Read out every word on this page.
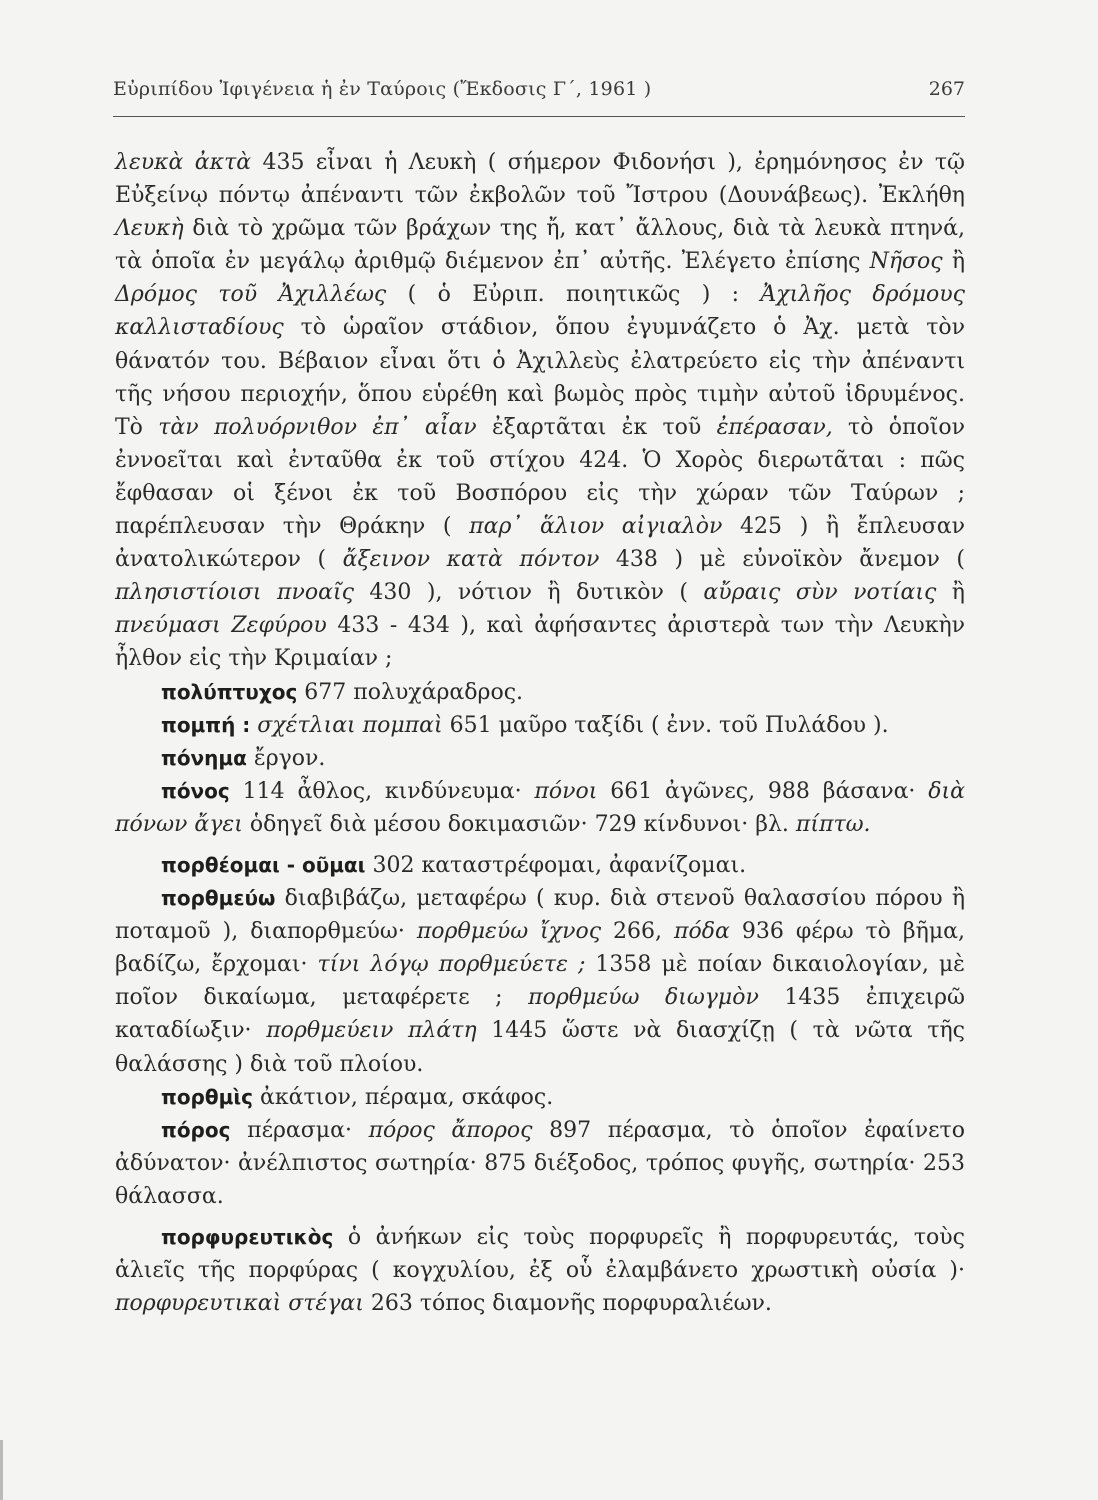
Εὐριπίδου Ἰφιγένεια ἡ ἐν Ταύροις (Ἔκδοσις Γ΄, 1961 )	267

λευκὰ ἀκτὰ 435 εἶναι ἡ Λευκὴ ( σήμερον Φιδονήσι ), ἐρημόνησος ἐν τῷ Εὐξείνῳ πόντῳ ἀπέναντι τῶν ἐκβολῶν τοῦ Ἴστρου (Δουνάβεως). Ἐκλήθη Λευκὴ διὰ τὸ χρῶμα τῶν βράχων της ἤ, κατ᾽ ἄλλους, διὰ τὰ λευκὰ πτηνά, τὰ ὁποῖα ἐν μεγάλῳ ἀριθμῷ διέμενον ἐπ᾽ αὐτῆς. Ἐλέγετο ἐπίσης Νῆσος ἢ Δρόμος τοῦ Ἀχιλλέως ( ὁ Εὐριπ. ποιητικῶς ) : Ἀχιλῆος δρόμους καλλισταδίους τὸ ὡραῖον στάδιον, ὅπου ἐγυμνάζετο ὁ Ἀχ. μετὰ τὸν θάνατόν του. Βέβαιον εἶναι ὅτι ὁ Ἀχιλλεὺς ἐλατρεύετο εἰς τὴν ἀπέναντι τῆς νήσου περιοχήν, ὅπου εὑρέθη καὶ βωμὸς πρὸς τιμὴν αὐτοῦ ἱδρυμένος. Τὸ τὰν πολυόρνιθον ἐπ᾽ αἶαν ἐξαρτᾶται ἐκ τοῦ ἐπέρασαν, τὸ ὁποῖον ἐννοεῖται καὶ ἐνταῦθα ἐκ τοῦ στίχου 424. Ὁ Χορὸς διερωτᾶται : πῶς ἔφθασαν οἱ ξένοι ἐκ τοῦ Βοσπόρου εἰς τὴν χώραν τῶν Ταύρων ; παρέπλευσαν τὴν Θράκην ( παρ᾽ ἅλιον αἰγιαλὸν 425 ) ἢ ἔπλευσαν ἀνατολικώτερον ( ἄξεινον κατὰ πόντον 438 ) μὲ εὐνοϊκὸν ἄνεμον ( πλησιστίοισι πνοαῖς 430 ), νότιον ἢ δυτικὸν ( αὔραις σὺν νοτίαις ἢ πνεύμασι Ζεφύρου 433 - 434 ), καὶ ἀφήσαντες ἀριστερὰ των τὴν Λευκὴν ἦλθον εἰς τὴν Κριμαίαν ;

πολύπτυχος 677 πολυχάραδρος.

πομπή : σχέτλιαι πομπαὶ 651 μαῦρο ταξίδι ( ἐνν. τοῦ Πυλάδου ).

πόνημα ἔργον.

πόνος 114 ἆθλος, κινδύνευμα· πόνοι 661 ἀγῶνες, 988 βάσανα· διὰ πόνων ἄγει ὁδηγεῖ διὰ μέσου δοκιμασιῶν· 729 κίνδυνοι· βλ. πίπτω.

πορθέομαι - οῦμαι 302 καταστρέφομαι, ἀφανίζομαι.

πορθμεύω διαβιβάζω, μεταφέρω ( κυρ. διὰ στενοῦ θαλασσίου πόρου ἢ ποταμοῦ ), διαπορθμεύω· πορθμεύω ἴχνος 266, πόδα 936 φέρω τὸ βῆμα, βαδίζω, ἔρχομαι· τίνι λόγῳ πορθμεύετε ; 1358 μὲ ποίαν δικαιολογίαν, μὲ ποῖον δικαίωμα, μεταφέρετε ; πορθμεύω διωγμὸν 1435 ἐπιχειρῶ καταδίωξιν· πορθμεύειν πλάτη 1445 ὥστε νὰ διασχίζῃ ( τὰ νῶτα τῆς θαλάσσης ) διὰ τοῦ πλοίου.

πορθμὶς ἀκάτιον, πέραμα, σκάφος.

πόρος πέρασμα· πόρος ἄπορος 897 πέρασμα, τὸ ὁποῖον ἐφαίνετο ἀδύνατον· ἀνέλπιστος σωτηρία· 875 διέξοδος, τρόπος φυγῆς, σωτηρία· 253 θάλασσα.

πορφυρευτικὸς ὁ ἀνήκων εἰς τοὺς πορφυρεῖς ἢ πορφυρευτάς, τοὺς ἁλιεῖς τῆς πορφύρας ( κογχυλίου, ἐξ οὗ ἐλαμβάνετο χρωστικὴ οὐσία )· πορφυρευτικαὶ στέγαι 263 τόπος διαμονῆς πορφυραλιέων.
